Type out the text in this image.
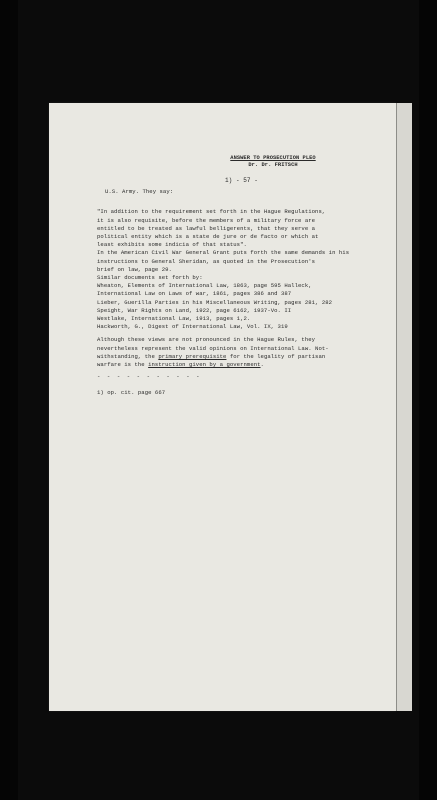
ANSWER TO PROSECUTION PLEO
Dr. Dr. FRITSCH
1) - 57 -
U.S. Army. They say:
"In addition to the requirement set forth in the Hague Regulations,
it is also requisite, before the members of a military force are
entitled to be treated as lawful belligerents, that they serve a
political entity which is a state de jure or de facto or which at
least exhibits some indicia of that status".
In the American Civil War General Grant puts forth the same demands in his
instructions to General Sheridan, as quoted in the Prosecution's
brief on law, page 29.
Similar documents set forth by:
Wheaton, Elements of International Law, 1863, page 595 Halleck,
International Law on Laws of war, 1861, pages 386 and 387
Lieber, Guerilla Parties in his Miscellaneous Writing, pages 281, 282
Speight, War Rights on Land, 1922, page 6162, 1937-Vo. II
Westlake, International Law, 1913, pages 1,2.
Hackworth, G., Digest of International Law, Vol. IX, 319
Although these views are not pronounced in the Hague Rules, they
nevertheless represent the valid opinions on International Law. Not-
withstanding, the primary prerequisite for the legality of partisan
warfare is the instruction given by a government.
- - - - - - - - - - -
1) op. cit. page 667
